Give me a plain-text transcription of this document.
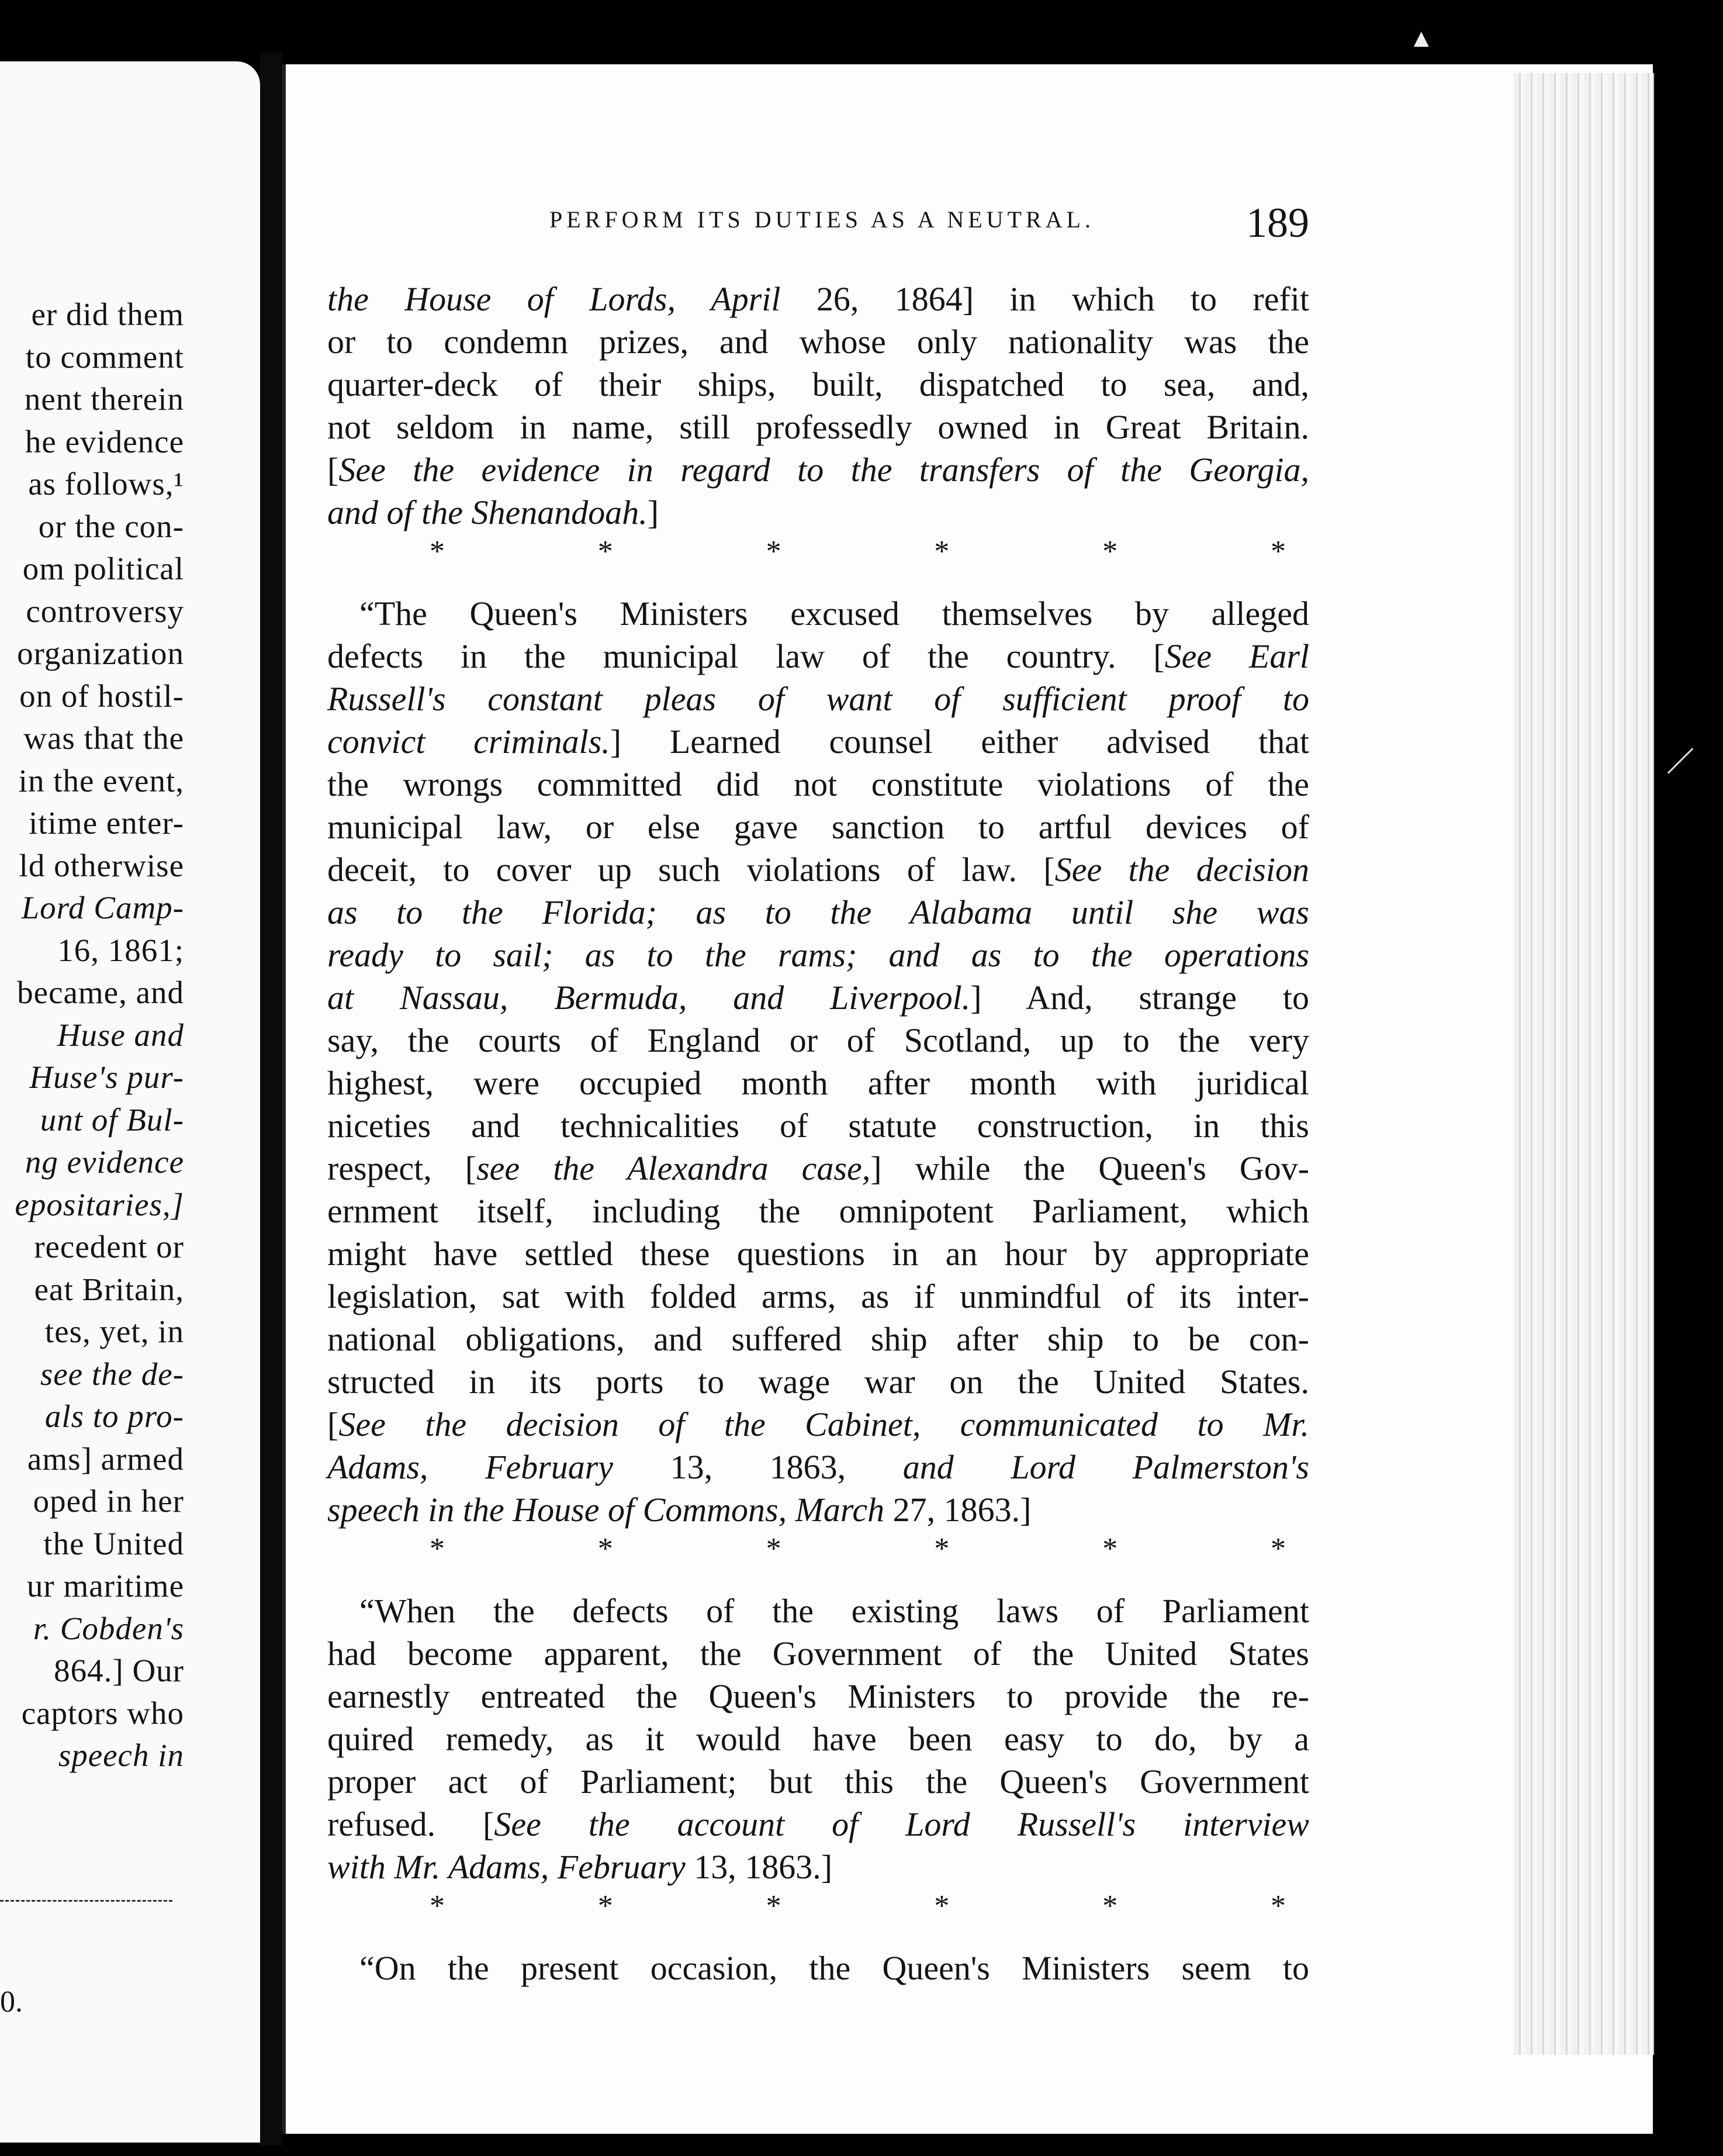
er did them
to comment
nent therein
he evidence
as follows,¹
or the con-
om political
controversy
organization
on of hostil-
was that the
in the event,
itime enter-
ld otherwise
Lord Camp-
16, 1861;
became, and
Huse and
Huse's pur-
unt of Bul-
ng evidence
epositaries,]
recedent or
eat Britain,
tes, yet, in
see the de-
als to pro-
ams] armed
oped in her
the United
ur maritime
r. Cobden's
864.] Our
captors who
speech in
0.
▲
PERFORM ITS DUTIES AS A NEUTRAL.	189
the House of Lords, April 26, 1864] in which to refit
or to condemn prizes, and whose only nationality was the
quarter-deck of their ships, built, dispatched to sea, and,
not seldom in name, still professedly owned in Great Britain.
[See the evidence in regard to the transfers of the Georgia,
and of the Shenandoah.]
*	*	*	*	*	*
“The Queen's Ministers excused themselves by alleged
defects in the municipal law of the country. [See Earl
Russell's constant pleas of want of sufficient proof to
convict criminals.] Learned counsel either advised that
the wrongs committed did not constitute violations of the
municipal law, or else gave sanction to artful devices of
deceit, to cover up such violations of law. [See the decision
as to the Florida; as to the Alabama until she was
ready to sail; as to the rams; and as to the operations
at Nassau, Bermuda, and Liverpool.] And, strange to
say, the courts of England or of Scotland, up to the very
highest, were occupied month after month with juridical
niceties and technicalities of statute construction, in this
respect, [see the Alexandra case,] while the Queen's Gov-
ernment itself, including the omnipotent Parliament, which
might have settled these questions in an hour by appropriate
legislation, sat with folded arms, as if unmindful of its inter-
national obligations, and suffered ship after ship to be con-
structed in its ports to wage war on the United States.
[See the decision of the Cabinet, communicated to Mr.
Adams, February 13, 1863, and Lord Palmerston's
speech in the House of Commons, March 27, 1863.]
*	*	*	*	*	*
“When the defects of the existing laws of Parliament
had become apparent, the Government of the United States
earnestly entreated the Queen's Ministers to provide the re-
quired remedy, as it would have been easy to do, by a
proper act of Parliament; but this the Queen's Government
refused. [See the account of Lord Russell's interview
with Mr. Adams, February 13, 1863.]
*	*	*	*	*	*
“On the present occasion, the Queen's Ministers seem to
